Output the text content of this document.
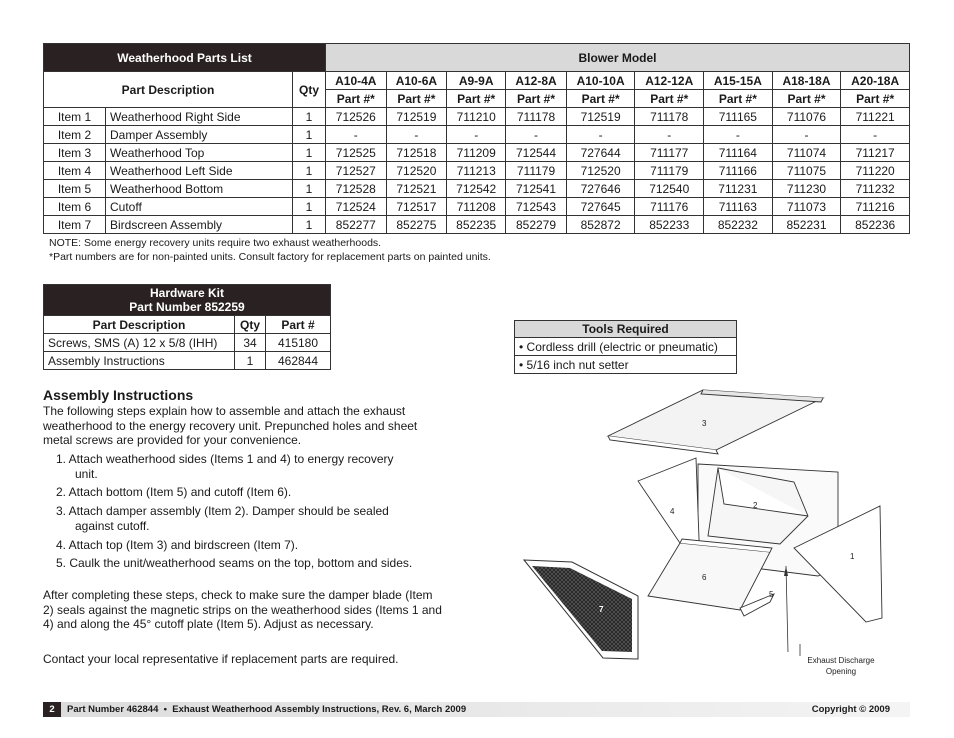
Weatherhood Parts List			Blower Model								
Part Description		Qty	A10-4A	A10-6A	A9-9A	A12-8A	A10-10A	A12-12A	A15-15A	A18-18A	A20-18A
			Part #*	Part #*	Part #*	Part #*	Part #*	Part #*	Part #*	Part #*	Part #*
Item 1	Weatherhood Right Side	1	712526	712519	711210	711178	712519	711178	711165	711076	711221
Item 2	Damper Assembly	1	-	-	-	-	-	-	-	-	-
Item 3	Weatherhood Top	1	712525	712518	711209	712544	727644	711177	711164	711074	711217
Item 4	Weatherhood Left Side	1	712527	712520	711213	711179	712520	711179	711166	711075	711220
Item 5	Weatherhood Bottom	1	712528	712521	712542	712541	727646	712540	711231	711230	711232
Item 6	Cutoff	1	712524	712517	711208	712543	727645	711176	711163	711073	711216
Item 7	Birdscreen Assembly	1	852277	852275	852235	852279	852872	852233	852232	852231	852236
NOTE: Some energy recovery units require two exhaust weatherhoods.
*Part numbers are for non-painted units. Consult factory for replacement parts on painted units.
Hardware Kit
Part Number 852259		
Part Description	Qty	Part #
Screws, SMS (A) 12 x 5/8 (IHH)	34	415180
Assembly Instructions	1	462844
Tools Required
• Cordless drill (electric or pneumatic)
• 5/16 inch nut setter
Assembly Instructions
The following steps explain how to assemble and attach the exhaust weatherhood to the energy recovery unit. Prepunched holes and sheet metal screws are provided for your convenience.
1. Attach weatherhood sides (Items 1 and 4) to energy recovery unit.
2. Attach bottom (Item 5) and cutoff (Item 6).
3. Attach damper assembly (Item 2). Damper should be sealed against cutoff.
4. Attach top (Item 3) and birdscreen (Item 7).
5. Caulk the unit/weatherhood seams on the top, bottom and sides.
After completing these steps, check to make sure the damper blade (Item 2) seals against the magnetic strips on the weatherhood sides (Items 1 and 4) and along the 45° cutoff plate (Item 5). Adjust as necessary.
Contact your local representative if replacement parts are required.
3
2
4
1
6
5
7
Exhaust Discharge
Opening
2 Part Number 462844  •  Exhaust Weatherhood Assembly Instructions, Rev. 6, March 2009	Copyright © 2009
